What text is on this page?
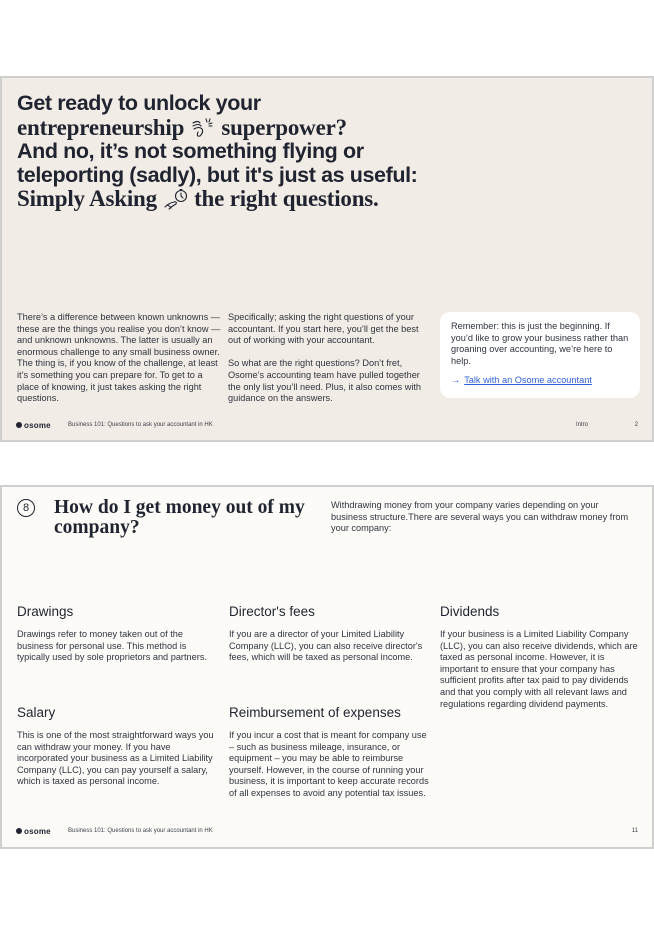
Get ready to unlock your
entrepreneurship superpower?
And no, it’s not something flying or
teleporting (sadly), but it's just as useful:
Simply Asking the right questions.

There’s a difference between known unknowns — these are the things you realise you don’t know — and unknown unknowns. The latter is usually an enormous challenge to any small business owner. The thing is, if you know of the challenge, at least it’s something you can prepare for. To get to a place of knowing, it just takes asking the right questions.

Specifically; asking the right questions of your accountant. If you start here, you’ll get the best out of working with your accountant.

So what are the right questions? Don’t fret, Osome’s accounting team have pulled together the only list you’ll need. Plus, it also comes with guidance on the answers.

Remember: this is just the beginning. If you’d like to grow your business rather than groaning over accounting, we’re here to help.

→ Talk with an Osome accountant
osome	Business 101: Questions to ask your accountant in HK	Intro	2
8	How do I get money out of my company?

Withdrawing money from your company varies depending on your business structure.There are several ways you can withdraw money from your company:

Drawings

Drawings refer to money taken out of the business for personal use. This method is typically used by sole proprietors and partners.

Salary

This is one of the most straightforward ways you can withdraw your money. If you have incorporated your business as a Limited Liability Company (LLC), you can pay yourself a salary, which is taxed as personal income.

Director's fees

If you are a director of your Limited Liability Company (LLC), you can also receive director's fees, which will be taxed as personal income.

Reimbursement of expenses

If you incur a cost that is meant for company use – such as business mileage, insurance, or equipment – you may be able to reimburse yourself. However, in the course of running your business, it is important to keep accurate records of all expenses to avoid any potential tax issues.

Dividends

If your business is a Limited Liability Company (LLC), you can also receive dividends, which are taxed as personal income. However, it is important to ensure that your company has sufficient profits after tax paid to pay dividends and that you comply with all relevant laws and regulations regarding dividend payments.

osome	Business 101: Questions to ask your accountant in HK	11
